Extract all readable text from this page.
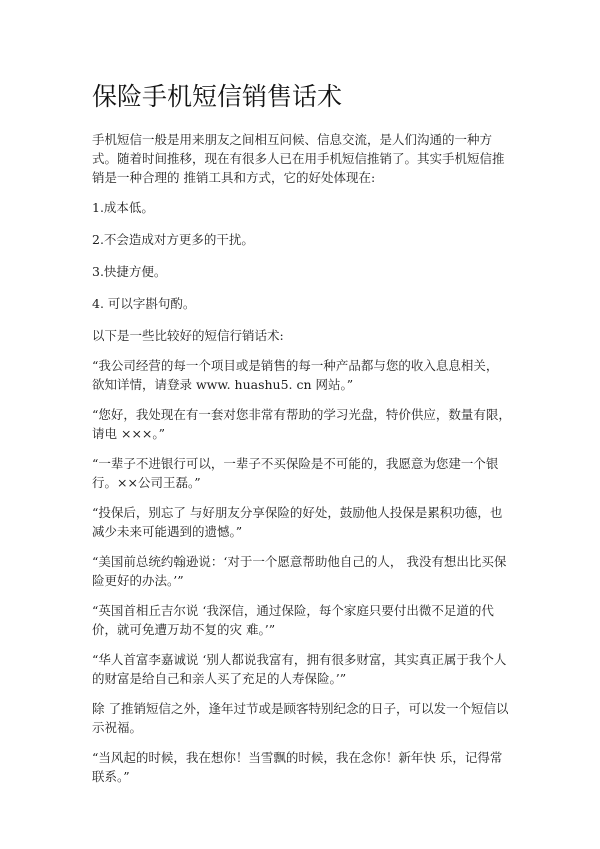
保险手机短信销售话术

手机短信一般是用来朋友之间相互问候、信息交流，是人们沟通的一种方式。随着时间推移，现在有很多人已在用手机短信推销了。其实手机短信推销是一种合理的 推销工具和方式，它的好处体现在:

1.成本低。

2.不会造成对方更多的干扰。

3.快捷方便。

4. 可以字斟句酌。

以下是一些比较好的短信行销话术:

“我公司经营的每一个项目或是销售的每一种产品都与您的收入息息相关， 欲知详情，请登录 www. huashu5. cn 网站。”

“您好，我处现在有一套对您非常有帮助的学习光盘，特价供应，数量有限，请电 ×××。”

“一辈子不进银行可以，一辈子不买保险是不可能的，我愿意为您建一个银行。××公司王磊。”

“投保后，别忘了 与好朋友分享保险的好处，鼓励他人投保是累积功德，也减少未来可能遇到的遗憾。”

“美国前总统约翰逊说：‘对于一个愿意帮助他自己的人， 我没有想出比买保险更好的办法。’”

“英国首相丘吉尔说 ‘我深信，通过保险，每个家庭只要付出微不足道的代价，就可免遭万劫不复的灾 难。’”

“华人首富李嘉诚说 ‘别人都说我富有，拥有很多财富，其实真正属于我个人的财富是给自己和亲人买了充足的人寿保险。’”

除 了推销短信之外，逢年过节或是顾客特别纪念的日子，可以发一个短信以示祝福。

“当风起的时候，我在想你！当雪飘的时候，我在念你！新年快 乐，记得常联系。”
